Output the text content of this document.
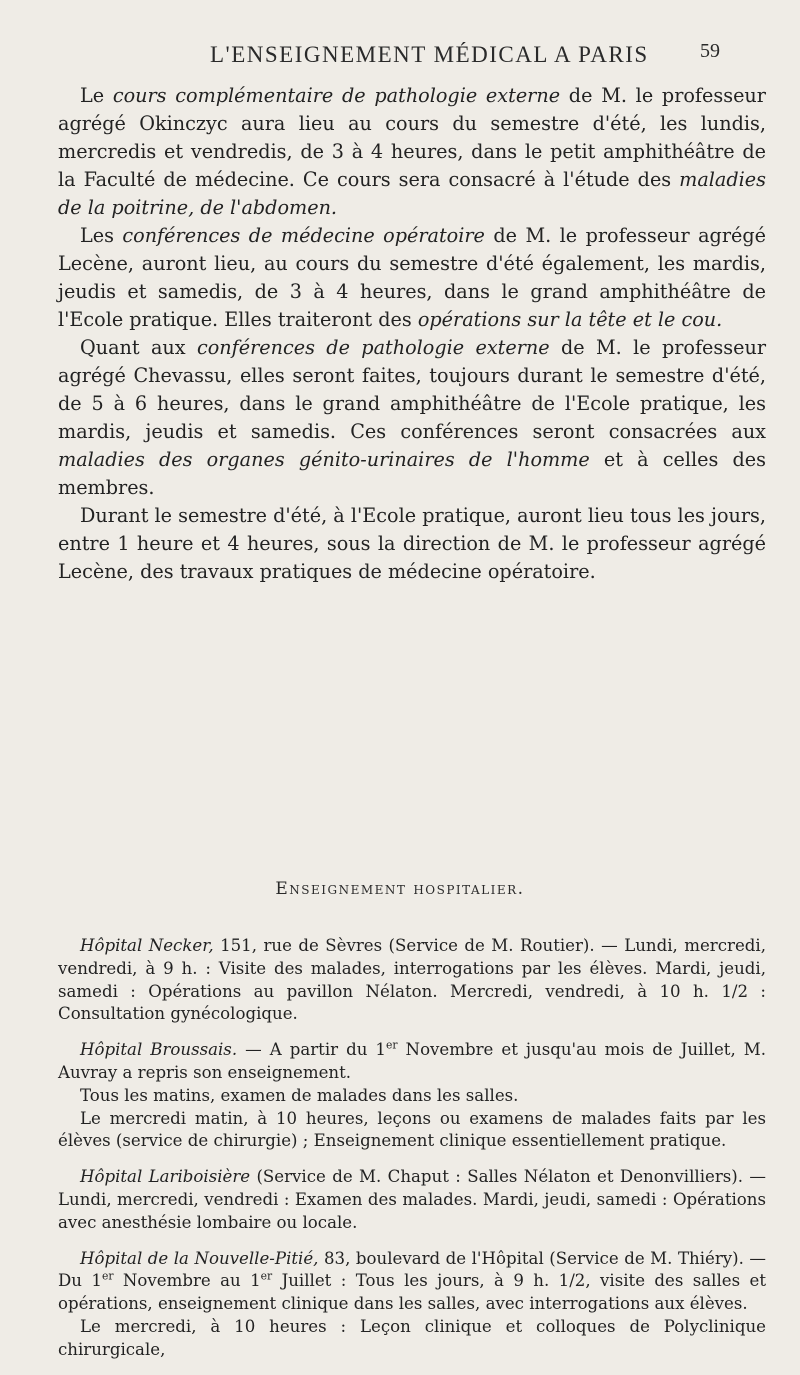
L'ENSEIGNEMENT MÉDICAL A PARIS	59

Le cours complémentaire de pathologie externe de M. le professeur agrégé Okinczyc aura lieu au cours du semestre d'été, les lundis, mercredis et vendredis, de 3 à 4 heures, dans le petit amphithéâtre de la Faculté de médecine. Ce cours sera consacré à l'étude des maladies de la poitrine, de l'abdomen.

Les conférences de médecine opératoire de M. le professeur agrégé Lecène, auront lieu, au cours du semestre d'été également, les mardis, jeudis et samedis, de 3 à 4 heures, dans le grand amphithéâtre de l'Ecole pratique. Elles traiteront des opérations sur la tête et le cou.

Quant aux conférences de pathologie externe de M. le professeur agrégé Chevassu, elles seront faites, toujours durant le semestre d'été, de 5 à 6 heures, dans le grand amphithéâtre de l'Ecole pratique, les mardis, jeudis et samedis. Ces conférences seront consacrées aux maladies des organes génito-urinaires de l'homme et à celles des membres.

Durant le semestre d'été, à l'Ecole pratique, auront lieu tous les jours, entre 1 heure et 4 heures, sous la direction de M. le professeur agrégé Lecène, des travaux pratiques de médecine opératoire.

Enseignement hospitalier.

Hôpital Necker, 151, rue de Sèvres (Service de M. Routier). — Lundi, mercredi, vendredi, à 9 h. : Visite des malades, interrogations par les élèves. Mardi, jeudi, samedi : Opérations au pavillon Nélaton. Mercredi, vendredi, à 10 h. 1/2 : Consultation gynécologique.

Hôpital Broussais. — A partir du 1er Novembre et jusqu'au mois de Juillet, M. Auvray a repris son enseignement.

Tous les matins, examen de malades dans les salles.

Le mercredi matin, à 10 heures, leçons ou examens de malades faits par les élèves (service de chirurgie) ; Enseignement clinique essentiellement pratique.

Hôpital Lariboisière (Service de M. Chaput : Salles Nélaton et Denonvilliers). — Lundi, mercredi, vendredi : Examen des malades. Mardi, jeudi, samedi : Opérations avec anesthésie lombaire ou locale.

Hôpital de la Nouvelle-Pitié, 83, boulevard de l'Hôpital (Service de M. Thiéry). — Du 1er Novembre au 1er Juillet : Tous les jours, à 9 h. 1/2, visite des salles et opérations, enseignement clinique dans les salles, avec interrogations aux élèves.

Le mercredi, à 10 heures : Leçon clinique et colloques de Polyclinique chirurgicale,
